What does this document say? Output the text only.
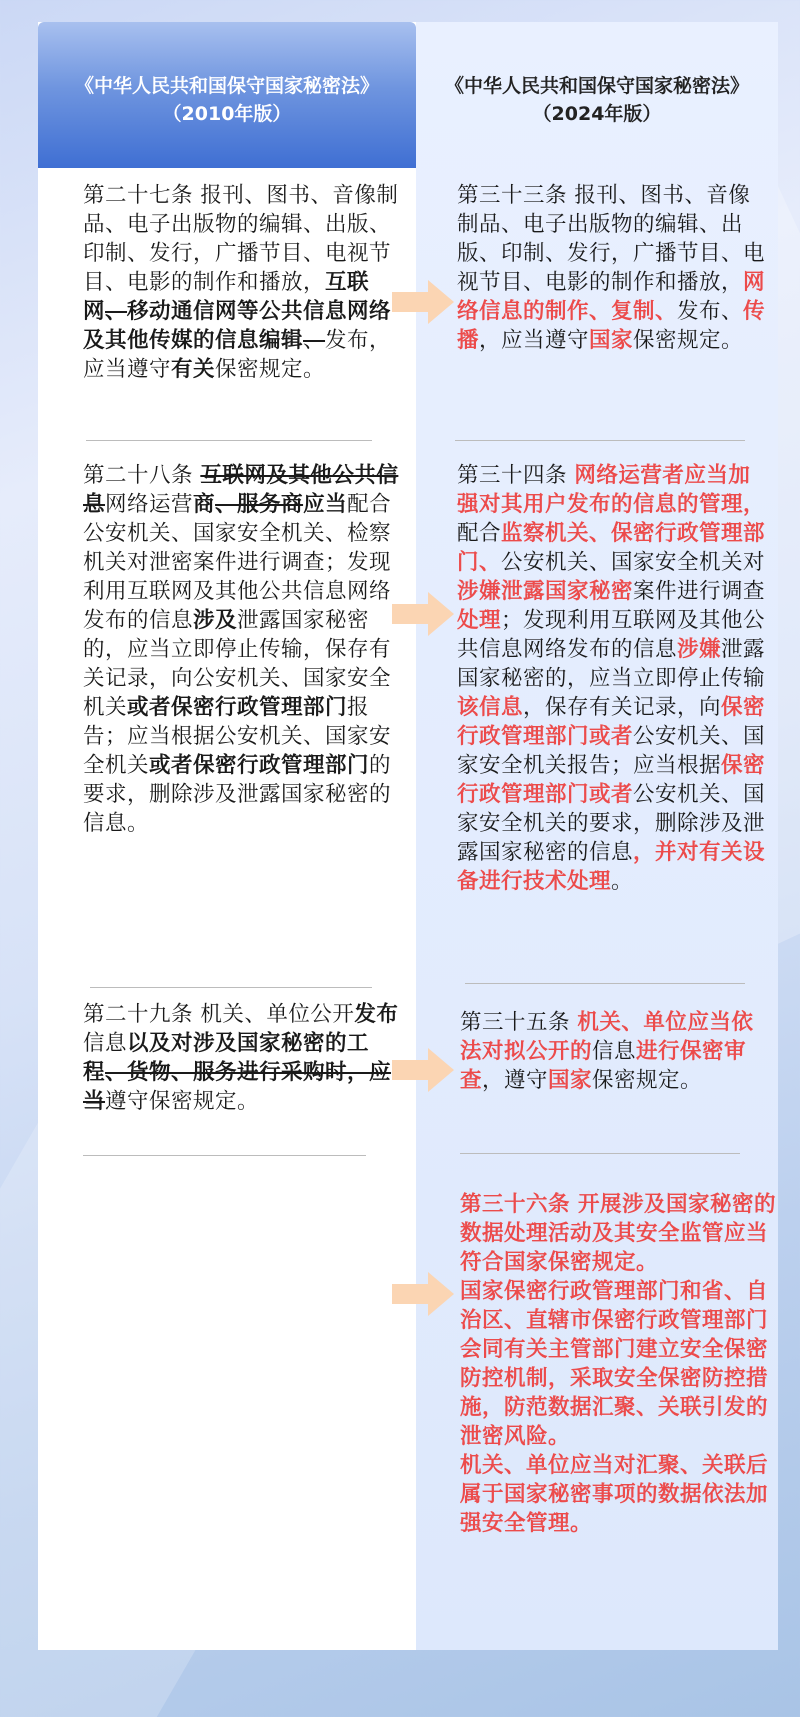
《中华人民共和国保守国家秘密法》
（2010年版）
《中华人民共和国保守国家秘密法》
（2024年版）
第二十七条 报刊、图书、音像制品、电子出版物的编辑、出版、印制、发行，广播节目、电视节目、电影的制作和播放，互联网、移动通信网等公共信息网络及其他传媒的信息编辑、发布，应当遵守有关保密规定。
第二十八条 互联网及其他公共信息网络运营商、服务商应当配合公安机关、国家安全机关、检察机关对泄密案件进行调查；发现利用互联网及其他公共信息网络发布的信息涉及泄露国家秘密的，应当立即停止传输，保存有关记录，向公安机关、国家安全机关或者保密行政管理部门报告；应当根据公安机关、国家安全机关或者保密行政管理部门的要求，删除涉及泄露国家秘密的信息。
第二十九条 机关、单位公开发布信息以及对涉及国家秘密的工程、货物、服务进行采购时，应当遵守保密规定。
第三十三条 报刊、图书、音像制品、电子出版物的编辑、出版、印制、发行，广播节目、电视节目、电影的制作和播放，网络信息的制作、复制、发布、传播，应当遵守国家保密规定。
第三十四条 网络运营者应当加强对其用户发布的信息的管理，配合监察机关、保密行政管理部门、公安机关、国家安全机关对涉嫌泄露国家秘密案件进行调查处理；发现利用互联网及其他公共信息网络发布的信息涉嫌泄露国家秘密的，应当立即停止传输该信息，保存有关记录，向保密行政管理部门或者公安机关、国家安全机关报告；应当根据保密行政管理部门或者公安机关、国家安全机关的要求，删除涉及泄露国家秘密的信息，并对有关设备进行技术处理。
第三十五条 机关、单位应当依法对拟公开的信息进行保密审查，遵守国家保密规定。
第三十六条 开展涉及国家秘密的数据处理活动及其安全监管应当符合国家保密规定。
国家保密行政管理部门和省、自治区、直辖市保密行政管理部门会同有关主管部门建立安全保密防控机制，采取安全保密防控措施，防范数据汇聚、关联引发的泄密风险。
机关、单位应当对汇聚、关联后属于国家秘密事项的数据依法加强安全管理。
